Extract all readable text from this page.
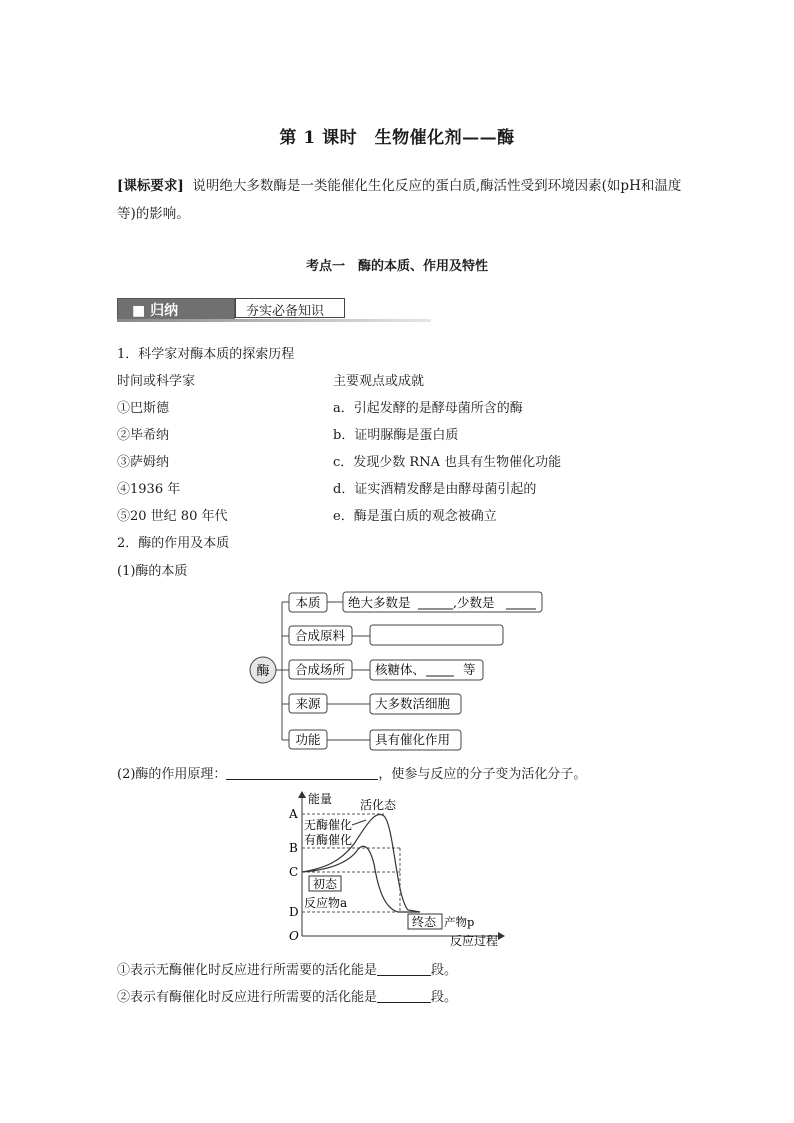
第 1 课时　生物催化剂——酶
[课标要求] 说明绝大多数酶是一类能催化生化反应的蛋白质,酶活性受到环境因素(如pH和温度等)的影响。
考点一　酶的本质、作用及特性
■ 归纳	夯实必备知识
1．科学家对酶本质的探索历程
时间或科学家	主要观点或成就
①巴斯德	a．引起发酵的是酵母菌所含的酶
②毕希纳	b．证明脲酶是蛋白质
③萨姆纳	c．发现少数 RNA 也具有生物催化功能
④1936 年	d．证实酒精发酵是由酵母菌引起的
⑤20 世纪 80 年代	e．酶是蛋白质的观念被确立
2．酶的作用及本质
(1)酶的本质
酶
本质 绝大多数是	,少数是
合成原料
合成场所 核糖体、	等
来源	大多数活细胞
功能	具有催化作用
(2)酶的作用原理：	，使参与反应的分子变为活化分子。
能量
反应过程
O
A
B
C
D
活化态
无酶催化
有酶催化
初态
反应物a
终态 产物p
①表示无酶催化时反应进行所需要的活化能是	段。
②表示有酶催化时反应进行所需要的活化能是	段。
